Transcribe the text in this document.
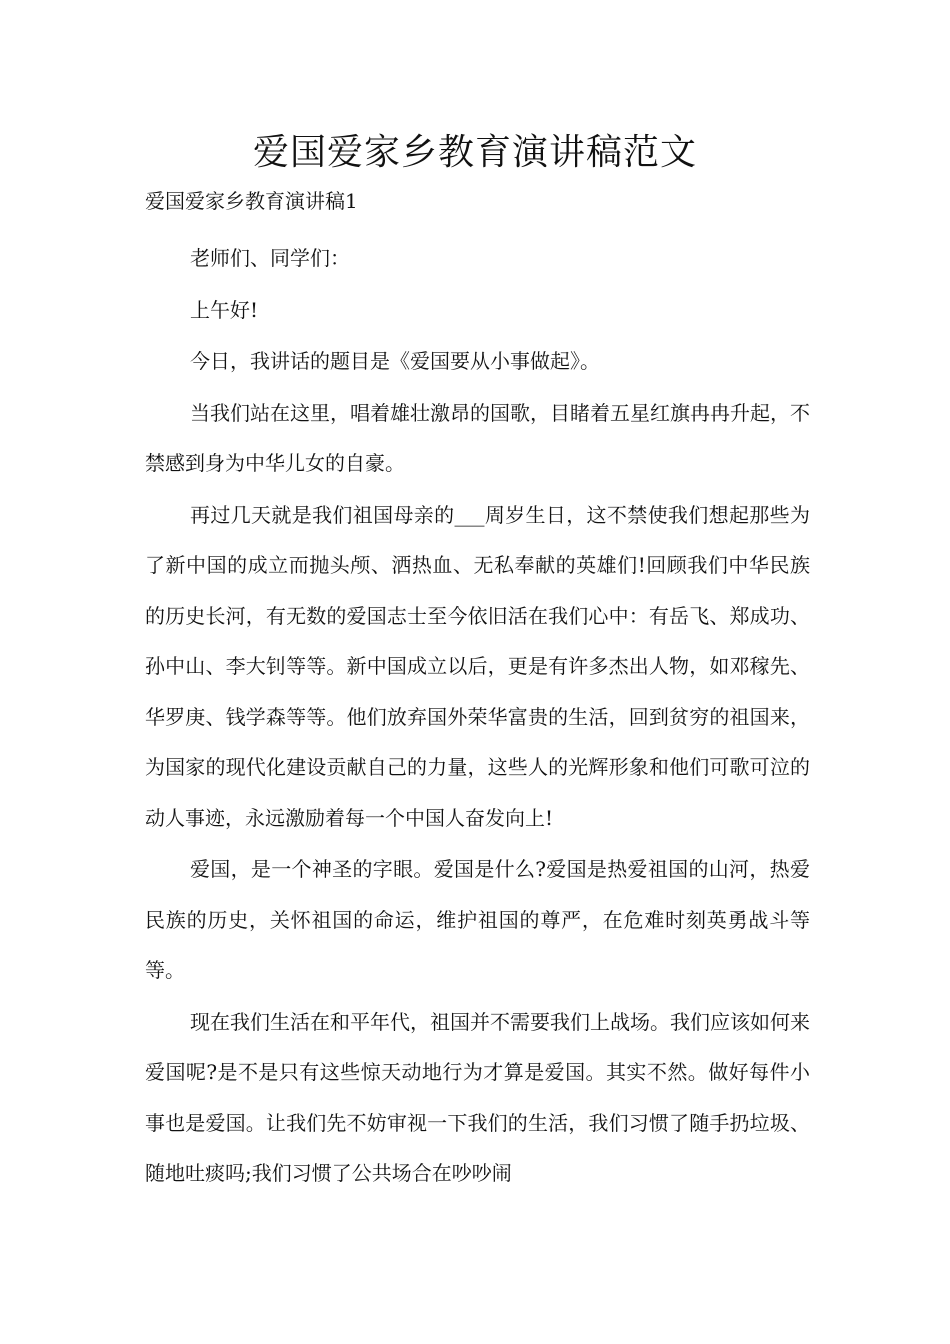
爱国爱家乡教育演讲稿范文

爱国爱家乡教育演讲稿1

老师们、同学们：

上午好!

今日，我讲话的题目是《爱国要从小事做起》。

当我们站在这里，唱着雄壮激昂的国歌，目睹着五星红旗冉冉升起，不禁感到身为中华儿女的自豪。

再过几天就是我们祖国母亲的___周岁生日，这不禁使我们想起那些为了新中国的成立而抛头颅、洒热血、无私奉献的英雄们!回顾我们中华民族的历史长河，有无数的爱国志士至今依旧活在我们心中：有岳飞、郑成功、孙中山、李大钊等等。新中国成立以后，更是有许多杰出人物，如邓稼先、华罗庚、钱学森等等。他们放弃国外荣华富贵的生活，回到贫穷的祖国来，为国家的现代化建设贡献自己的力量，这些人的光辉形象和他们可歌可泣的动人事迹，永远激励着每一个中国人奋发向上!

爱国，是一个神圣的字眼。爱国是什么?爱国是热爱祖国的山河，热爱民族的历史，关怀祖国的命运，维护祖国的尊严，在危难时刻英勇战斗等等。

现在我们生活在和平年代，祖国并不需要我们上战场。我们应该如何来爱国呢?是不是只有这些惊天动地行为才算是爱国。其实不然。做好每件小事也是爱国。让我们先不妨审视一下我们的生活，我们习惯了随手扔垃圾、随地吐痰吗;我们习惯了公共场合在吵吵闹
